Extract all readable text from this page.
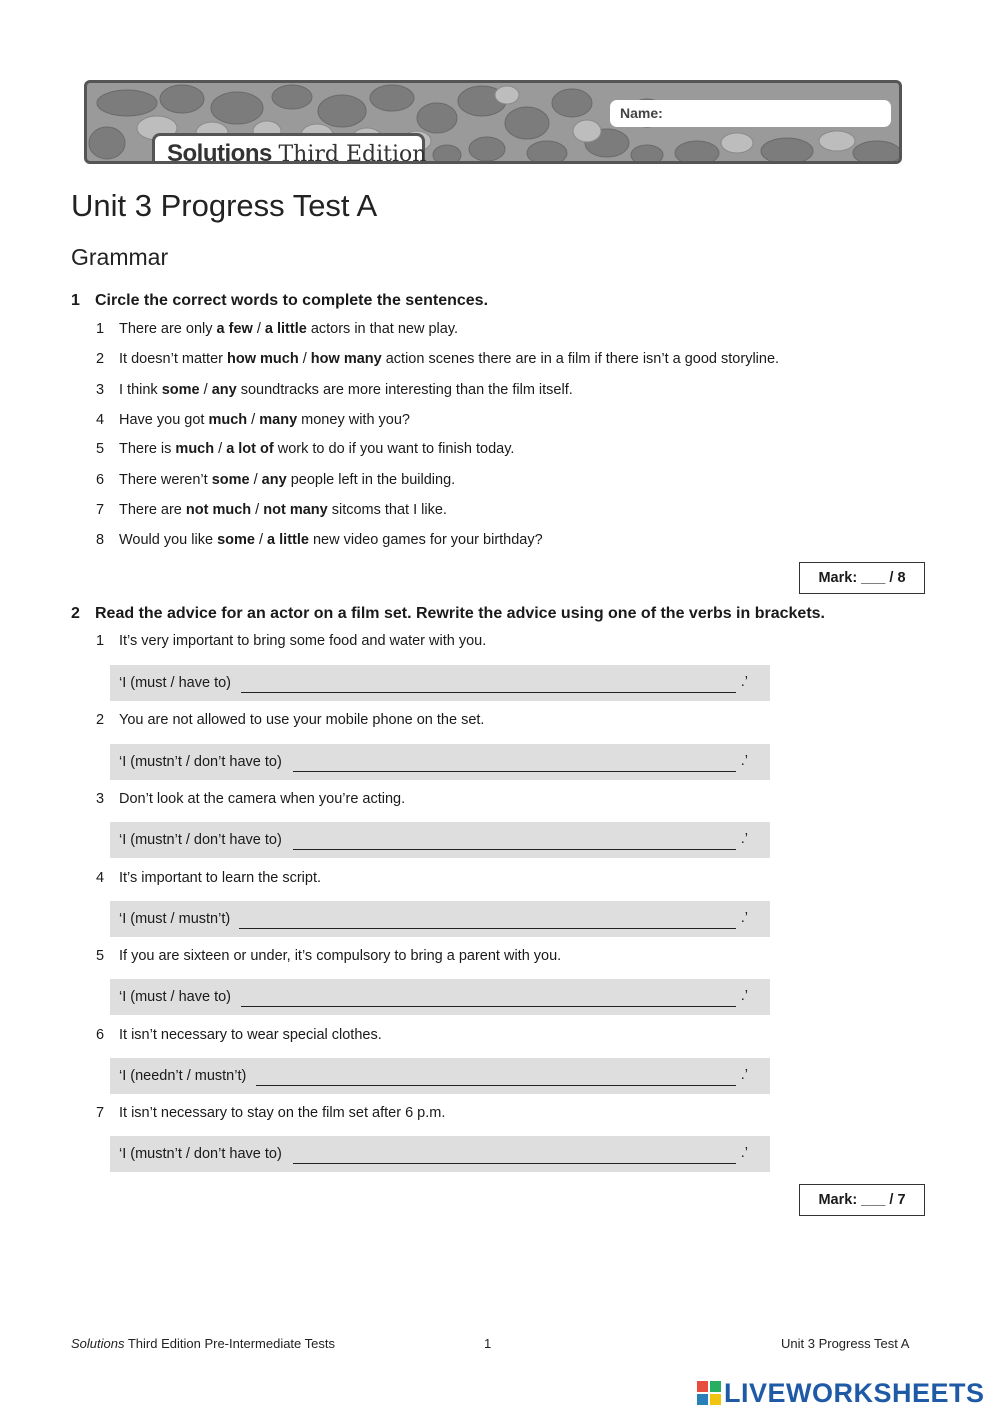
Solutions Third Edition
Name:
Unit 3 Progress Test A
Grammar
1 Circle the correct words to complete the sentences.
1 There are only a few / a little actors in that new play.
2 It doesn’t matter how much / how many action scenes there are in a film if there isn’t a good storyline.
3 I think some / any soundtracks are more interesting than the film itself.
4 Have you got much / many money with you?
5 There is much / a lot of work to do if you want to finish today.
6 There weren’t some / any people left in the building.
7 There are not much / not many sitcoms that I like.
8 Would you like some / a little new video games for your birthday?
Mark: ___ / 8
2 Read the advice for an actor on a film set. Rewrite the advice using one of the verbs in brackets.
1 It’s very important to bring some food and water with you.
‘I (must / have to)	.’
2 You are not allowed to use your mobile phone on the set.
‘I (mustn’t / don’t have to)	.’
3 Don’t look at the camera when you’re acting.
‘I (mustn’t / don’t have to)	.’
4 It’s important to learn the script.
‘I (must / mustn’t)	.’
5 If you are sixteen or under, it’s compulsory to bring a parent with you.
‘I (must / have to)	.’
6 It isn’t necessary to wear special clothes.
‘I (needn’t / mustn’t)	.’
7 It isn’t necessary to stay on the film set after 6 p.m.
‘I (mustn’t / don’t have to)	.’
Mark: ___ / 7
Solutions Third Edition Pre-Intermediate Tests	1	Unit 3 Progress Test A
LIVEWORKSHEETS
